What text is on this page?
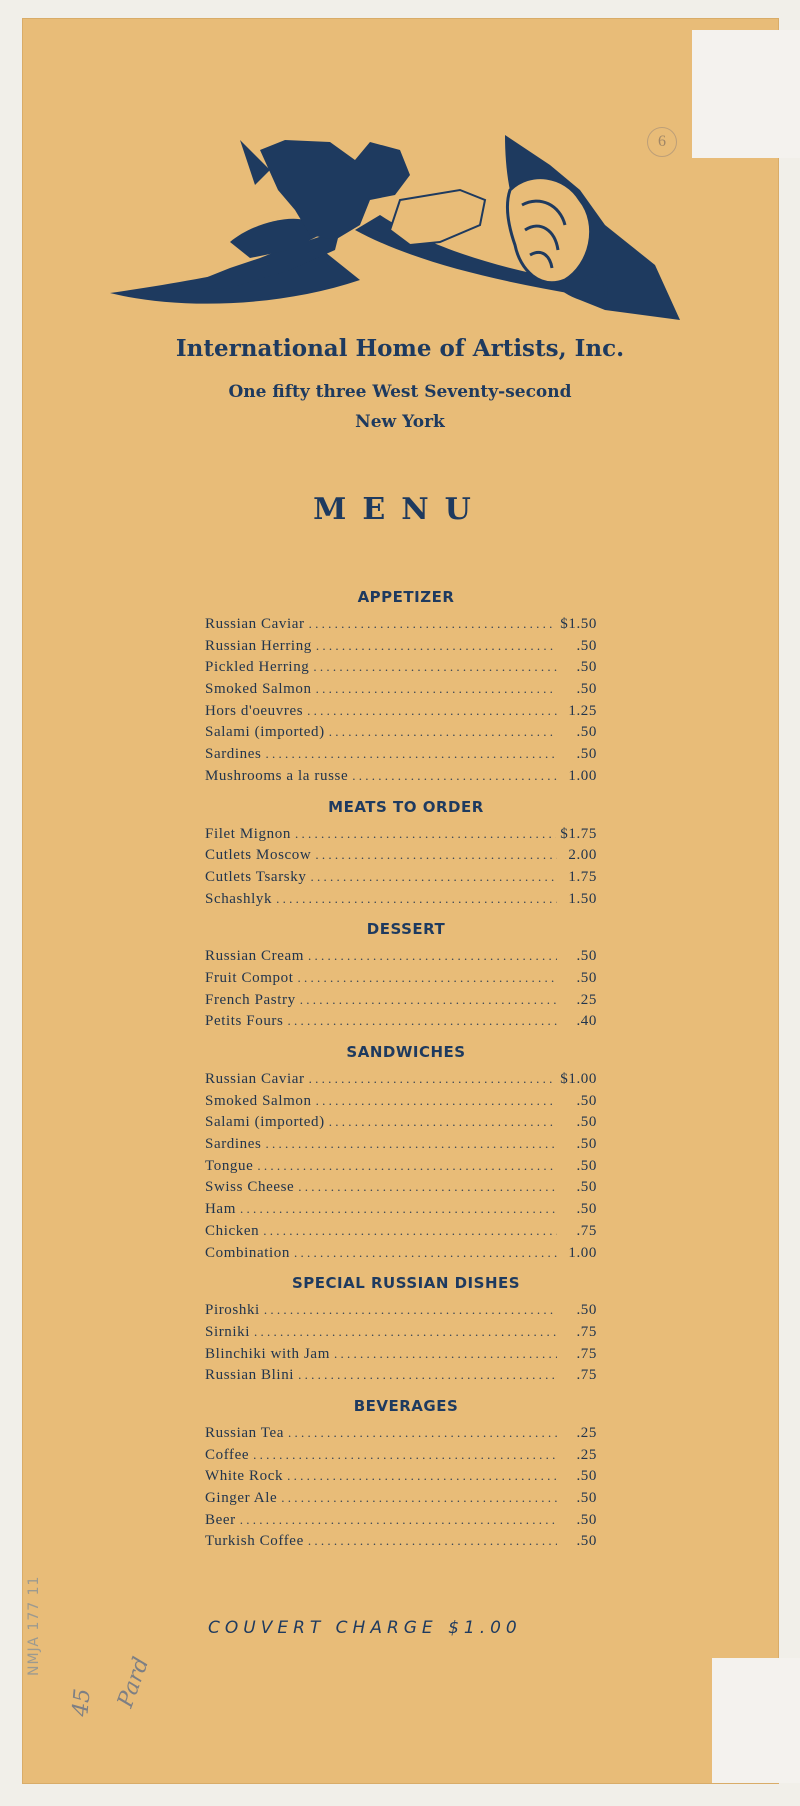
6
International Home of Artists, Inc.
One fifty three West Seventy-second
New York
MENU
APPETIZER
Russian Caviar . . .	$1.50
Russian Herring . . .	.50
Pickled Herring . . .	.50
Smoked Salmon . . .	.50
Hors d'oeuvres . . .	1.25
Salami (imported) . . .	.50
Sardines . . .	.50
Mushrooms a la russe . . .	1.00
MEATS TO ORDER
Filet Mignon . . .	$1.75
Cutlets Moscow . . .	2.00
Cutlets Tsarsky . . .	1.75
Schashlyk . . .	1.50
DESSERT
Russian Cream . . .	.50
Fruit Compot . . .	.50
French Pastry . . .	.25
Petits Fours . . .	.40
SANDWICHES
Russian Caviar . . .	$1.00
Smoked Salmon . . .	.50
Salami (imported) . . .	.50
Sardines . . .	.50
Tongue . . .	.50
Swiss Cheese . . .	.50
Ham . . .	.50
Chicken . . .	.75
Combination . . .	1.00
SPECIAL RUSSIAN DISHES
Piroshki . . .	.50
Sirniki . . .	.75
Blinchiki with Jam . . .	.75
Russian Blini . . .	.75
BEVERAGES
Russian Tea . . .	.25
Coffee . . .	.25
White Rock . . .	.50
Ginger Ale . . .	.50
Beer . . .	.50
Turkish Coffee . . .	.50
COUVERT CHARGE $1.00
NMJA 177 11
45 Pard
